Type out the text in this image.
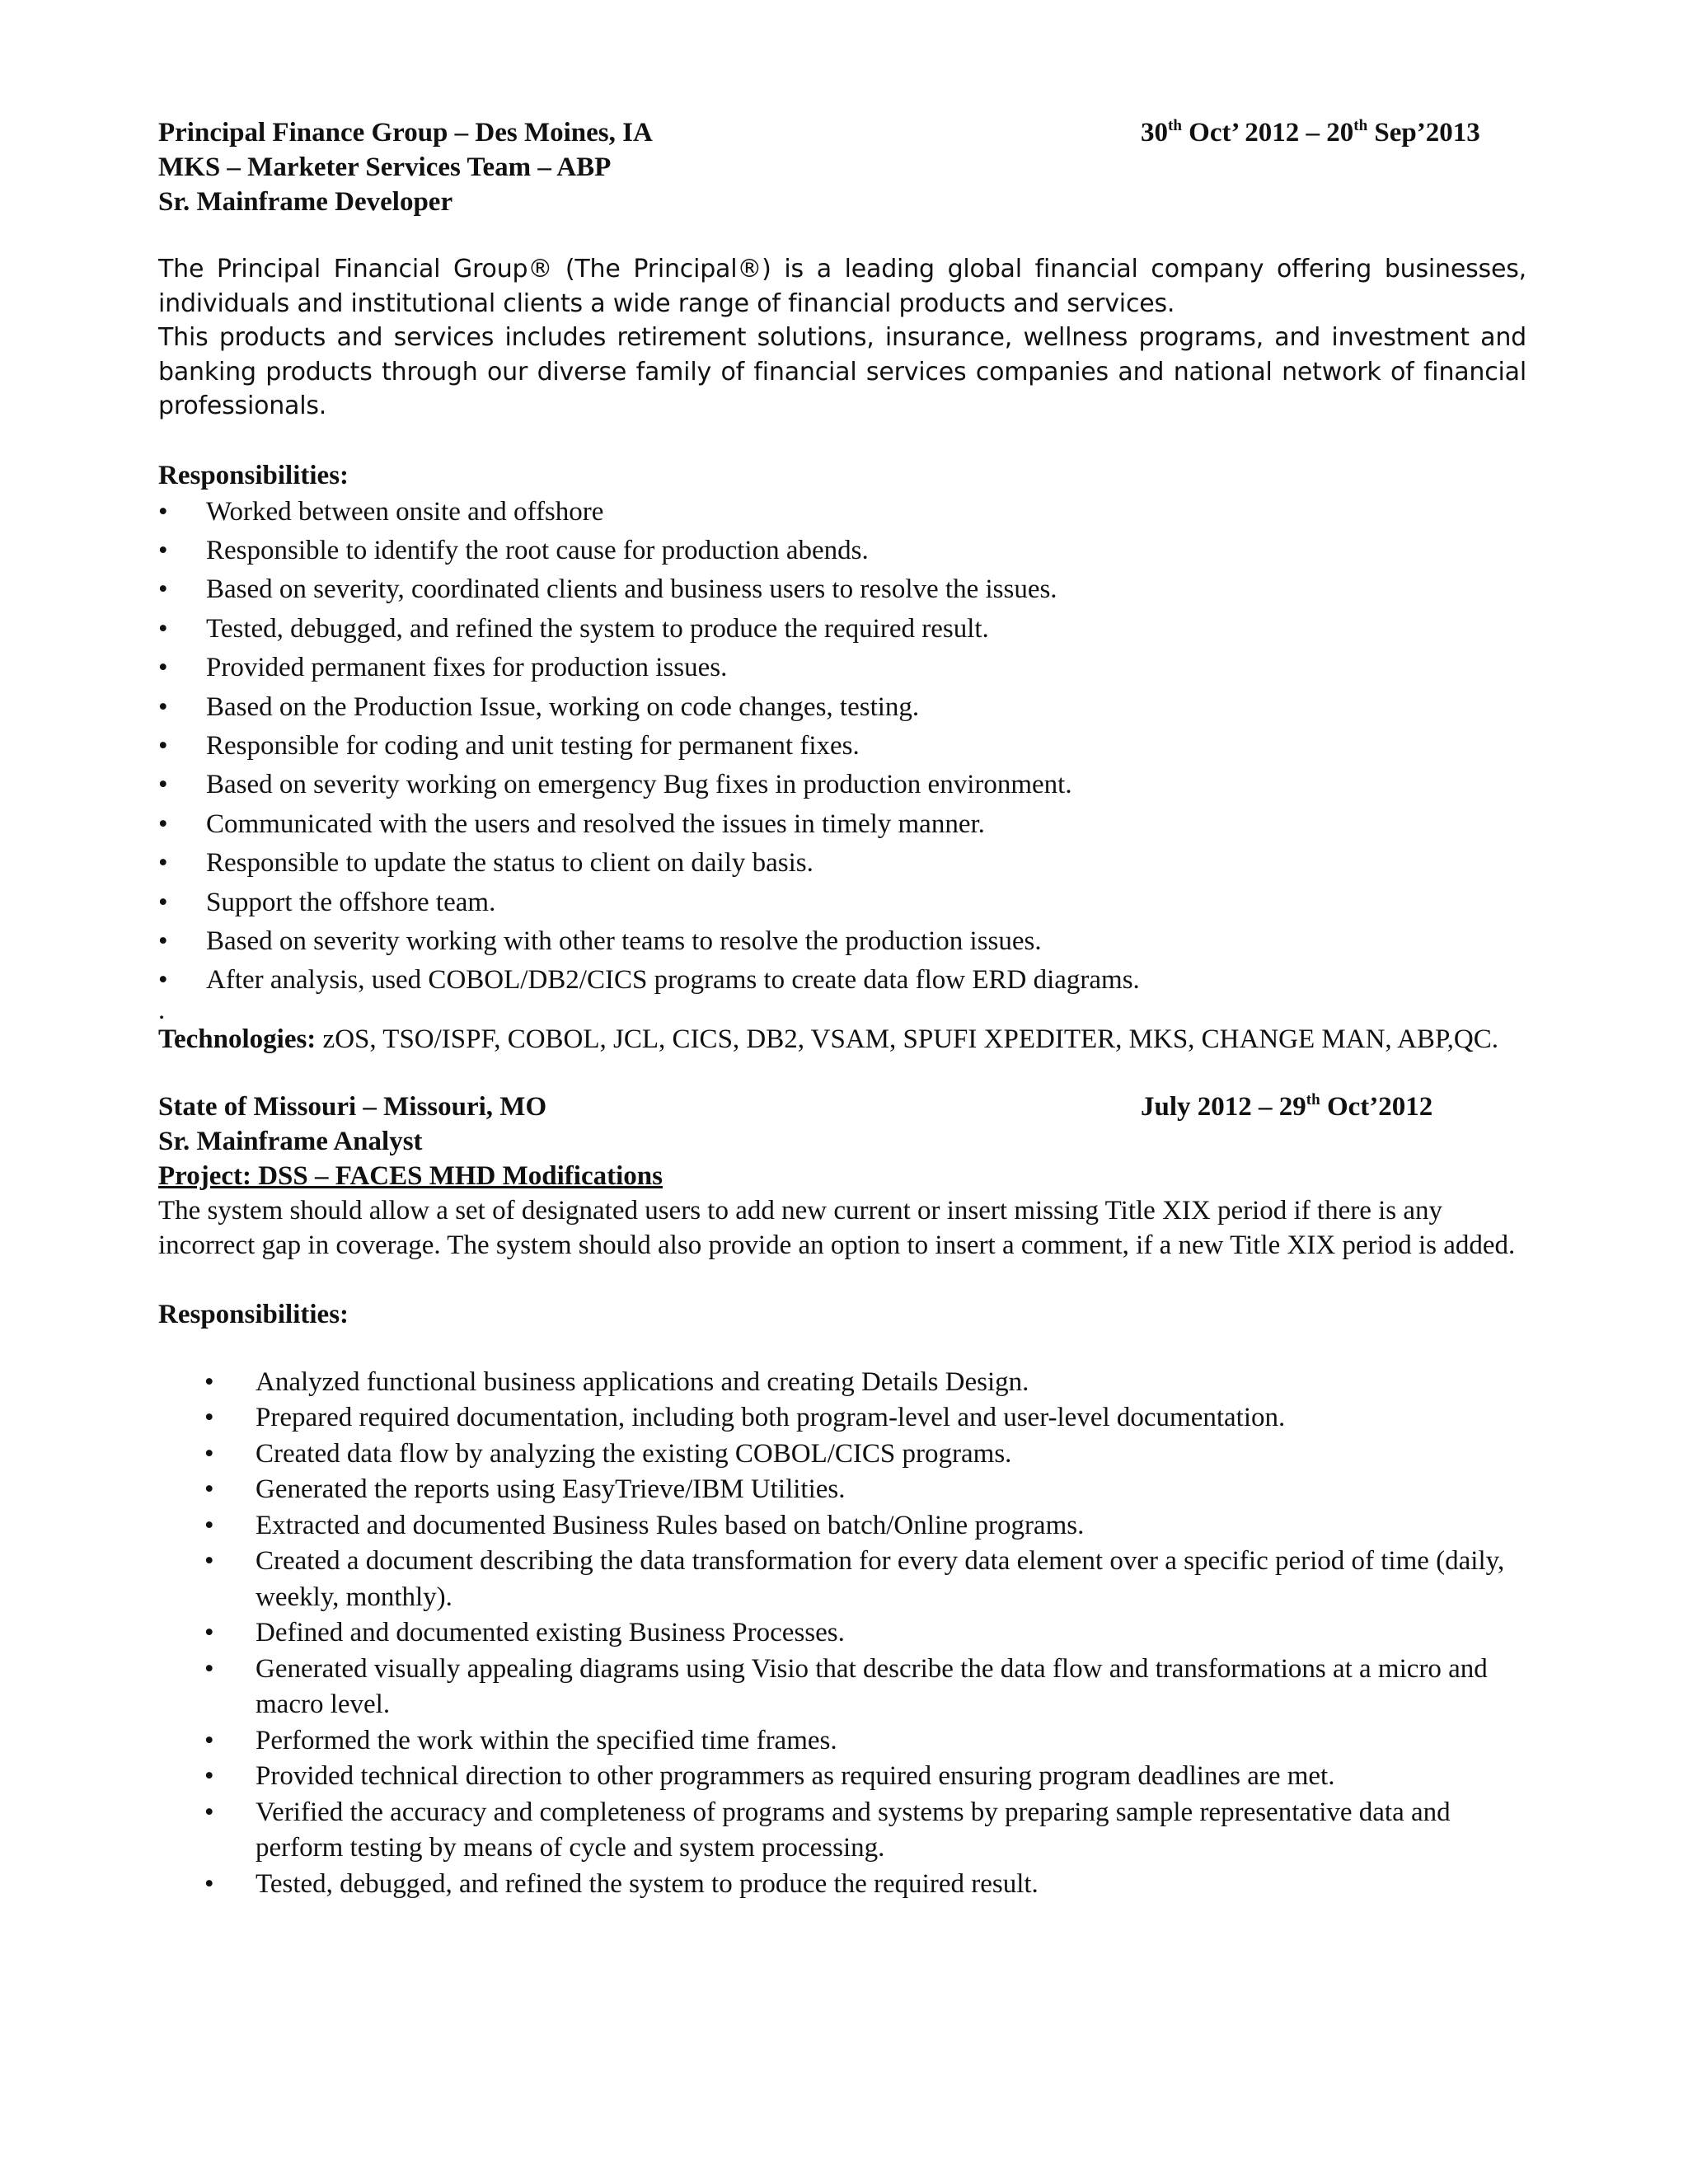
Principal Finance Group – Des Moines, IA	30th Oct’ 2012 – 20th Sep’2013
MKS – Marketer Services Team – ABP
Sr. Mainframe Developer

The Principal Financial Group® (The Principal®) is a leading global financial company offering businesses, individuals and institutional clients a wide range of financial products and services.

This products and services includes retirement solutions, insurance, wellness programs, and investment and banking products through our diverse family of financial services companies and national network of financial professionals.

Responsibilities:

•	Worked between onsite and offshore
•	Responsible to identify the root cause for production abends.
•	Based on severity, coordinated clients and business users to resolve the issues.
•	Tested, debugged, and refined the system to produce the required result.
•	Provided permanent fixes for production issues.
•	Based on the Production Issue, working on code changes, testing.
•	Responsible for coding and unit testing for permanent fixes.
•	Based on severity working on emergency Bug fixes in production environment.
•	Communicated with the users and resolved the issues in timely manner.
•	Responsible to update the status to client on daily basis.
•	Support the offshore team.
•	Based on severity working with other teams to resolve the production issues.
•	After analysis, used COBOL/DB2/CICS programs to create data flow ERD diagrams.
.

Technologies: zOS, TSO/ISPF, COBOL, JCL, CICS, DB2, VSAM, SPUFI XPEDITER, MKS, CHANGE MAN, ABP,QC.

State of Missouri – Missouri, MO	July 2012 – 29th Oct’2012
Sr. Mainframe Analyst

Project: DSS – FACES MHD Modifications

The system should allow a set of designated users to add new current or insert missing Title XIX period if there is any incorrect gap in coverage. The system should also provide an option to insert a comment, if a new Title XIX period is added.

Responsibilities:

•	Analyzed functional business applications and creating Details Design.
•	Prepared required documentation, including both program-level and user-level documentation.
•	Created data flow by analyzing the existing COBOL/CICS programs.
•	Generated the reports using EasyTrieve/IBM Utilities.
•	Extracted and documented Business Rules based on batch/Online programs.
•	Created a document describing the data transformation for every data element over a specific period of time (daily, weekly, monthly).
•	Defined and documented existing Business Processes.
•	Generated visually appealing diagrams using Visio that describe the data flow and transformations at a micro and macro level.
•	Performed the work within the specified time frames.
•	Provided technical direction to other programmers as required ensuring program deadlines are met.
•	Verified the accuracy and completeness of programs and systems by preparing sample representative data and perform testing by means of cycle and system processing.
•	Tested, debugged, and refined the system to produce the required result.
